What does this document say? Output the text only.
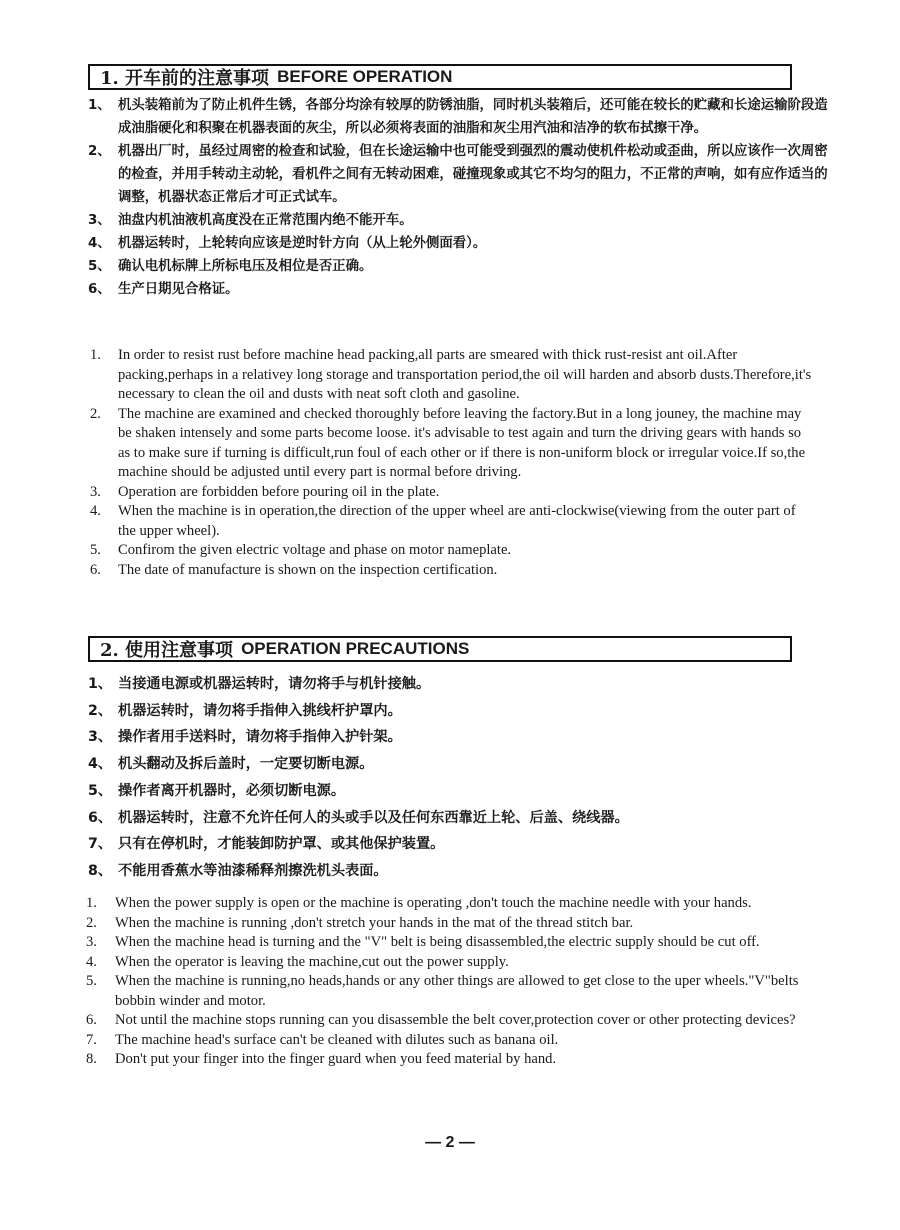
1. 开车前的注意事项 BEFORE OPERATION
1、 机头装箱前为了防止机件生锈，各部分均涂有较厚的防锈油脂，同时机头装箱后，还可能在较长的贮藏和长途运输阶段造成油脂硬化和积聚在机器表面的灰尘，所以必须将表面的油脂和灰尘用汽油和洁净的软布拭擦干净。
2、 机器出厂时，虽经过周密的检查和试验，但在长途运输中也可能受到强烈的震动使机件松动或歪曲，所以应该作一次周密的检查，并用手转动主动轮，看机件之间有无转动困难，碰撞现象或其它不均匀的阻力，不正常的声响，如有应作适当的调整，机器状态正常后才可正式试车。
3、 油盘内机油液机高度没在正常范围内绝不能开车。
4、 机器运转时，上轮转向应该是逆时针方向（从上轮外侧面看）。
5、 确认电机标牌上所标电压及相位是否正确。
6、 生产日期见合格证。
1.	In order to resist rust before machine head packing,all parts are smeared with thick rust-resist ant oil.After packing,perhaps in a relativey long storage and transportation period,the oil will harden and absorb dusts.Therefore,it's necessary to clean the oil and dusts with neat soft cloth and gasoline.
2.	The machine are examined and checked thoroughly before leaving the factory.But in a long jouney, the machine may be shaken intensely and some parts become loose. it's advisable to test again and turn the driving gears with hands so as to make sure if turning is difficult,run foul of each other or if there is non-uniform block or irregular voice.If so,the machine should be adjusted until every part is normal before driving.
3.	Operation are forbidden before pouring oil in the plate.
4.	When the machine is in operation,the direction of the upper wheel are anti-clockwise(viewing from the outer part of the upper wheel).
5.	Confirom the given electric voltage and phase on motor nameplate.
6.	The date of manufacture is shown on the inspection certification.
2. 使用注意事项 OPERATION PRECAUTIONS
1、 当接通电源或机器运转时，请勿将手与机针接触。
2、 机器运转时，请勿将手指伸入挑线杆护罩内。
3、 操作者用手送料时，请勿将手指伸入护针架。
4、 机头翻动及拆后盖时，一定要切断电源。
5、 操作者离开机器时，必须切断电源。
6、 机器运转时，注意不允许任何人的头或手以及任何东西靠近上轮、后盖、绕线器。
7、 只有在停机时，才能装卸防护罩、或其他保护装置。
8、 不能用香蕉水等油漆稀释剂擦洗机头表面。
1.	When the power supply is open or the machine is operating ,don't touch the machine needle with your hands.
2.	When the machine is running ,don't stretch your hands in the mat of the thread stitch bar.
3.	When the machine head is turning and the "V" belt is being disassembled,the electric supply should be cut off.
4.	When the operator is leaving the machine,cut out the power supply.
5.	When the machine is running,no heads,hands or any other things are allowed to get close to the uper wheels."V"belts bobbin winder and motor.
6.	Not until the machine stops running can you disassemble the belt cover,protection cover or other protecting devices?
7.	The machine head's surface can't be cleaned with dilutes such as banana oil.
8.	Don't put your finger into the finger guard when you feed material by hand.
— 2 —
